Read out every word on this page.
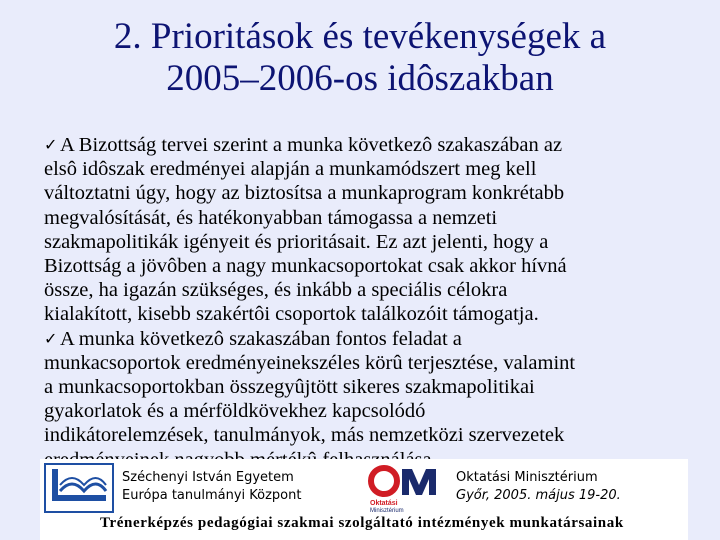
2. Prioritások és tevékenységek a
2005–2006-os idôszakban
✓ A Bizottság tervei szerint a munka következô szakaszában az
elsô idôszak eredményei alapján a munkamódszert meg kell
változtatni úgy, hogy az biztosítsa a munkaprogram konkrétabb
megvalósítását, és hatékonyabban támogassa a nemzeti
szakmapolitikák igényeit és prioritásait. Ez azt jelenti, hogy a
Bizottság a jövôben a nagy munkacsoportokat csak akkor hívná
össze, ha igazán szükséges, és inkább a speciális célokra
kialakított, kisebb szakértôi csoportok találkozóit támogatja.
✓ A munka következô szakaszában fontos feladat a
munkacsoportok eredményeinekszéles körû terjesztése, valamint
a munkacsoportokban összegyûjtött sikeres szakmapolitikai
gyakorlatok és a mérföldkövekhez kapcsolódó
indikátorelemzések, tanulmányok, más nemzetközi szervezetek
Széchenyi István Egyetem
Európa tanulmányi Központ
Oktatási
Minisztérium
Oktatási Minisztérium
Győr, 2005. május 19-20.
Trénerképzés pedagógiai szakmai szolgáltató intézmények munkatársainak
